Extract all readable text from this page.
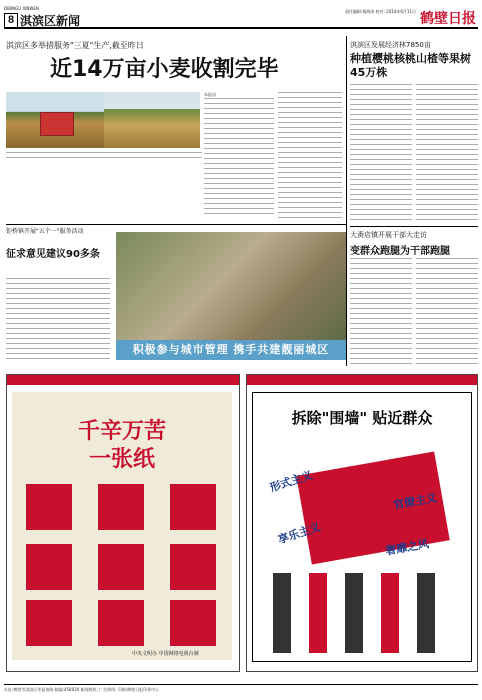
DIBINGU XINWEN
8 淇滨区新闻
责任编辑:杨海涛 校对: 2014年6月11日 鹤壁日报
淇滨区多举措服务"三夏"生产,截至昨日
近14万亩小麦收割完毕
本报讯
淇滨区发展经济林7850亩
种植樱桃核桃山楂等果树45万株
钜桥镇开展"五个一"服务活动
征求意见建议90多条
积极参与城市管理 携手共建靓丽城区
大赉店镇开展干部大走访
变群众跑腿为干部跑腿
"讲文明树新风"公益广告
千辛万苦
一张纸
中央文明办 中国网络电视台制
党的群众路线教育实践活动 公益广告
拆除"围墙" 贴近群众
形式主义
享乐主义
官僚主义
奢靡之风
社址:鹤壁市淇滨区华夏南路 邮编:458030 新闻热线: 广告热线: 印刷:鹤壁日报印务中心
